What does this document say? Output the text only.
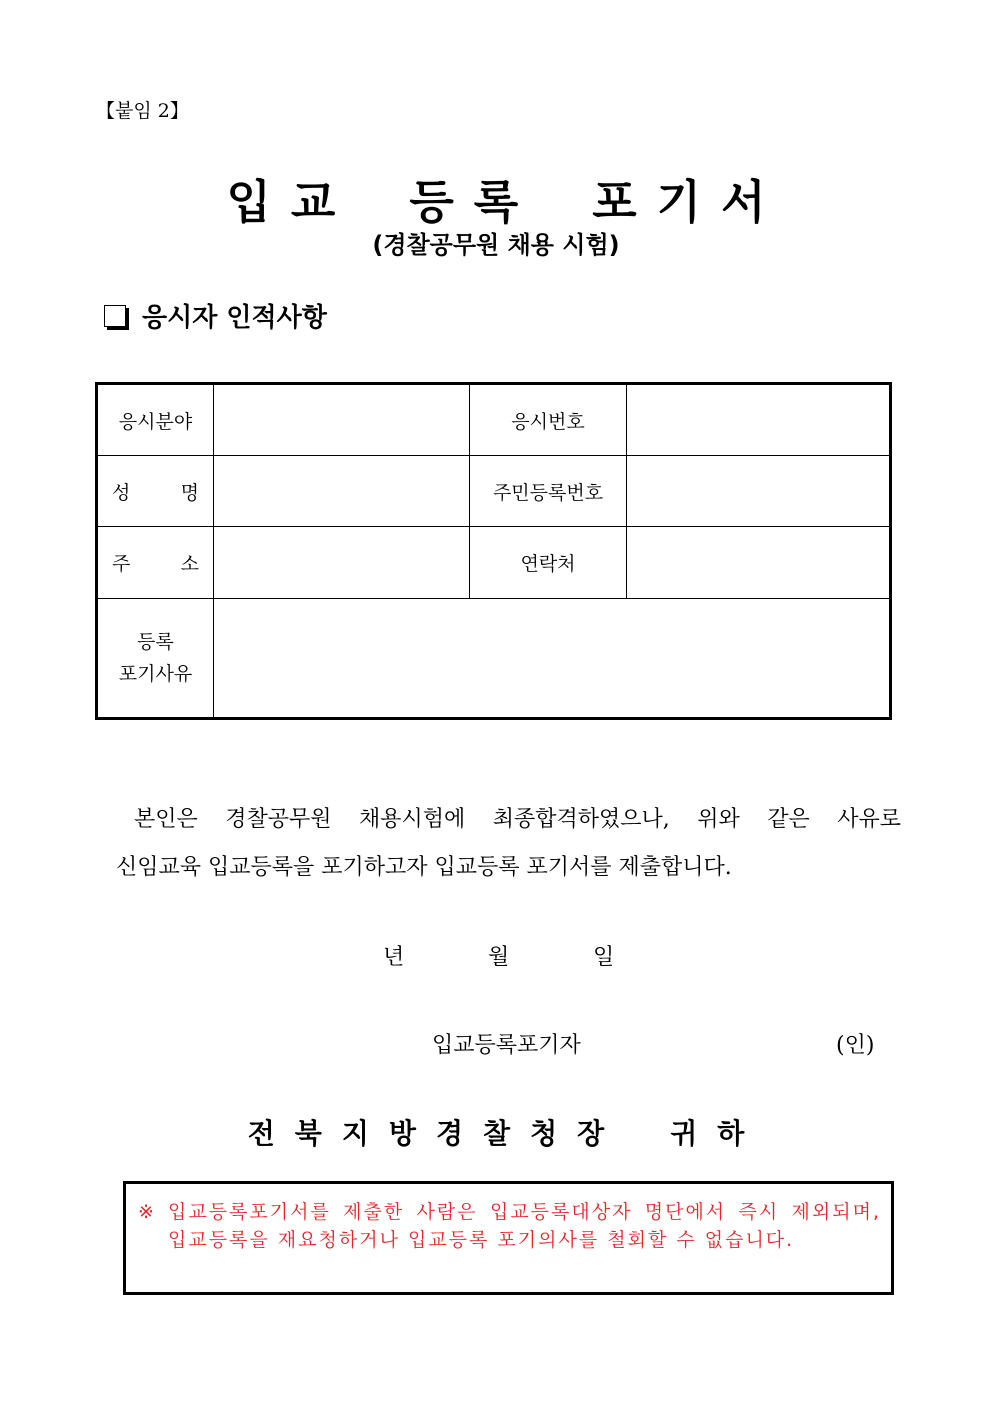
【붙임 2】
입 교 등 록 포 기 서
(경찰공무원 채용 시험)
응시자 인적사항
응시분야		응시번호	

성 명		주민등록번호	

주 소		연락처	

등록
포기사유			

본인은 경찰공무원 채용시험에 최종합격하였으나, 위와 같은 사유로
신임교육 입교등록을 포기하고자 입교등록 포기서를 제출합니다.
년	월	일
입교등록포기자	(인)
전 북 지 방 경 찰 청 장 귀 하
※ 입교등록포기서를 제출한 사람은 입교등록대상자 명단에서 즉시 제외되며, 입교등록을 재요청하거나 입교등록 포기의사를 철회할 수 없습니다.
